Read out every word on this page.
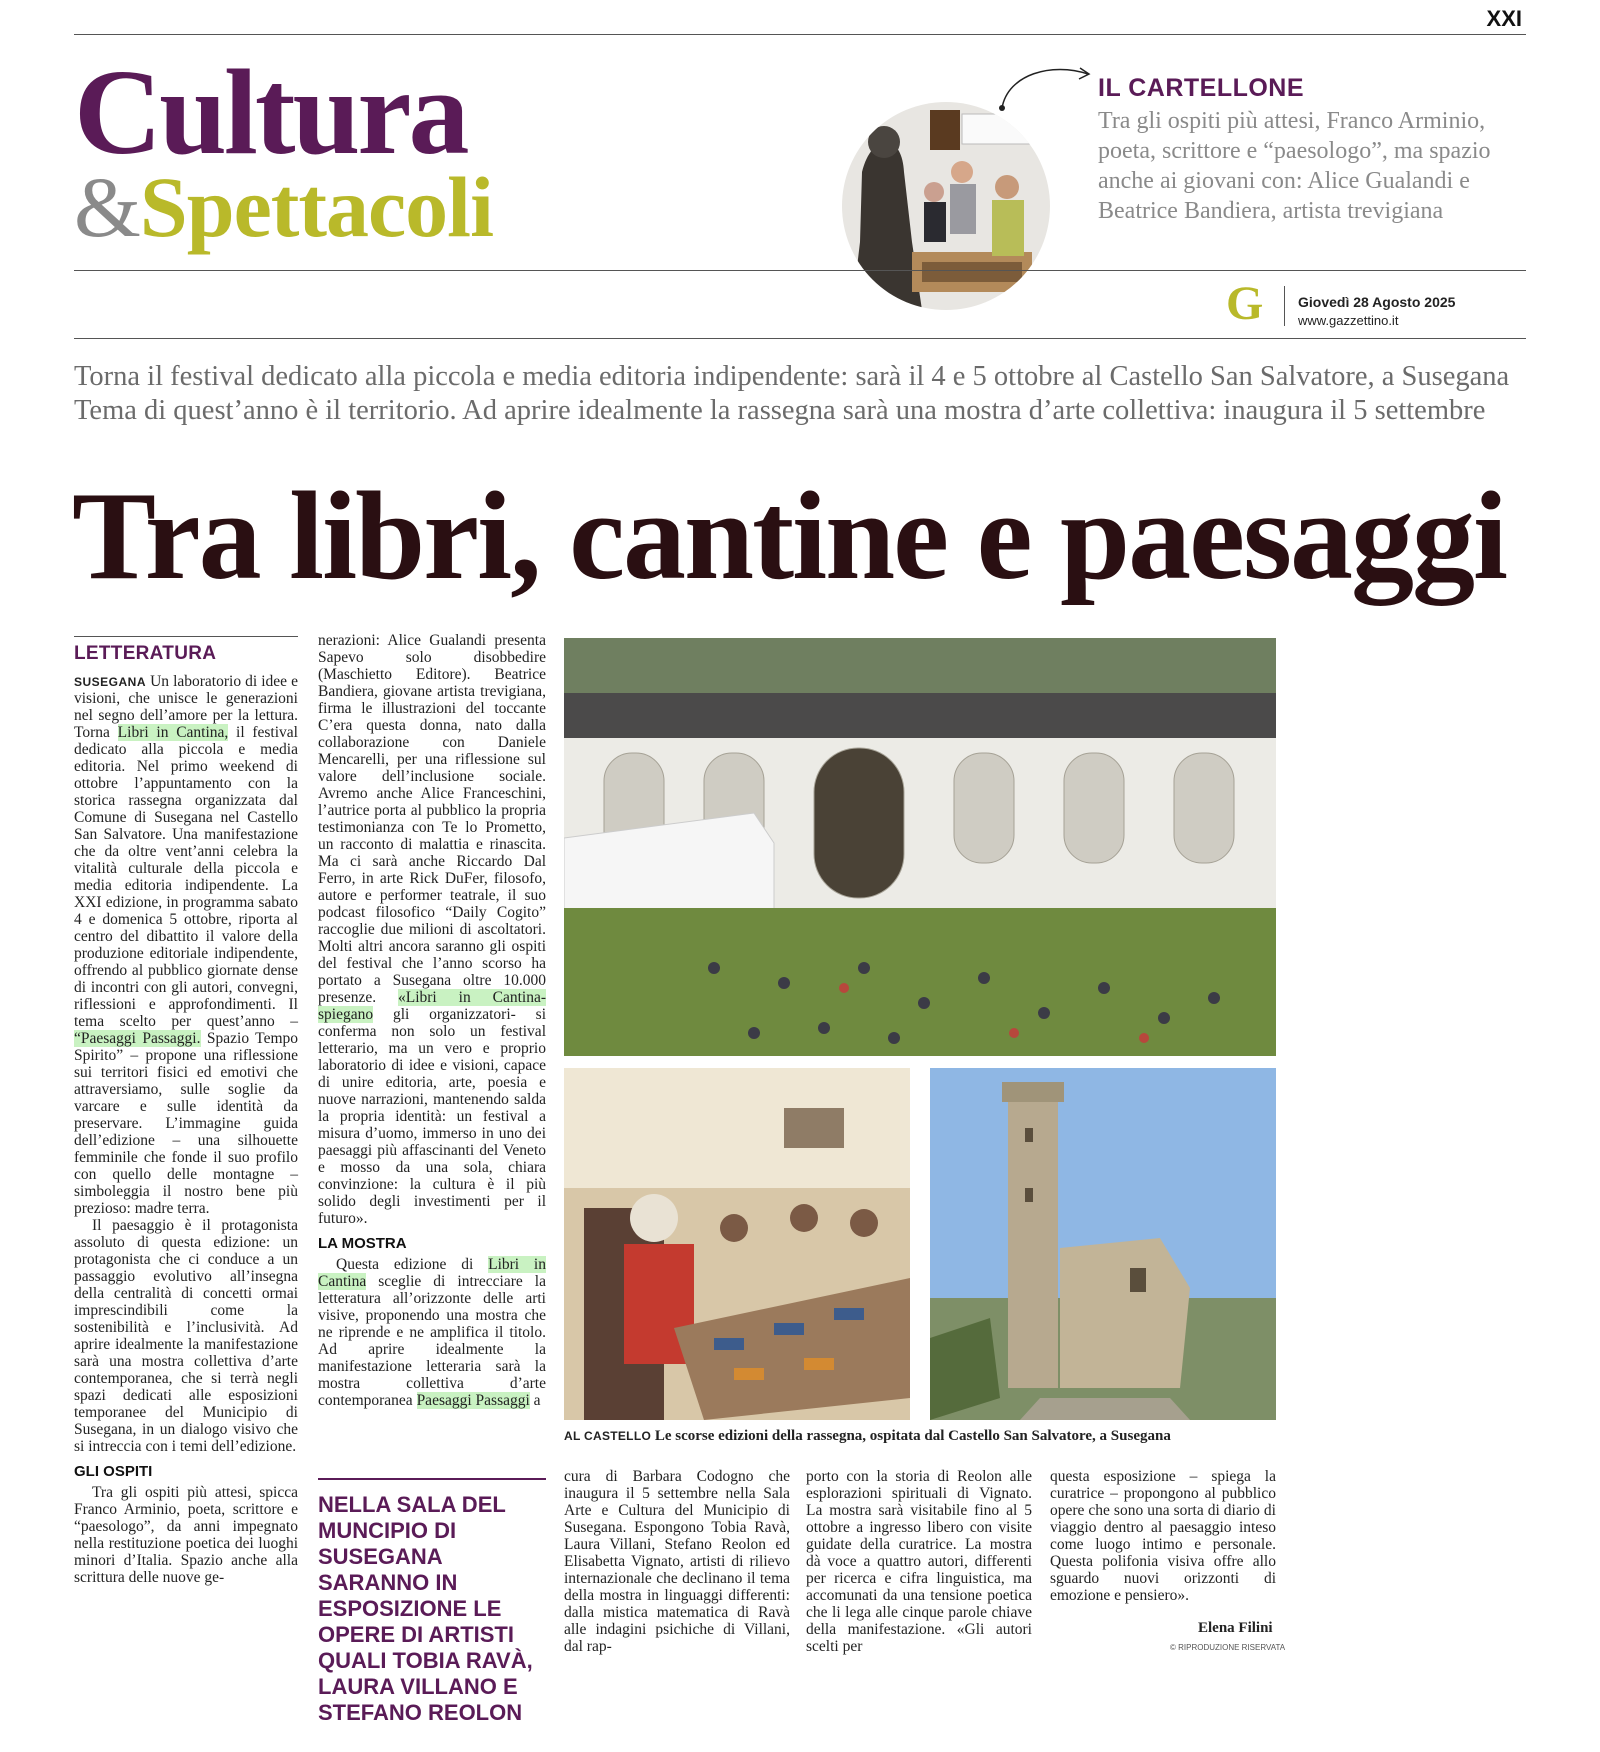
XXI
Cultura
&Spettacoli
IL CARTELLONE
Tra gli ospiti più attesi, Franco Arminio, poeta, scrittore e “paesologo”, ma spazio anche ai giovani con: Alice Gualandi e Beatrice Bandiera, artista trevigiana
G Giovedì 28 Agosto 2025
www.gazzettino.it
Torna il festival dedicato alla piccola e media editoria indipendente: sarà il 4 e 5 ottobre al Castello San Salvatore, a Susegana
Tema di quest’anno è il territorio. Ad aprire idealmente la rassegna sarà una mostra d’arte collettiva: inaugura il 5 settembre
Tra libri, cantine e paesaggi
LETTERATURA

SUSEGANA Un laboratorio di idee e visioni, che unisce le generazioni nel segno dell’amore per la lettura. Torna Libri in Cantina, il festival dedicato alla piccola e media editoria. Nel primo weekend di ottobre l’appuntamento con la storica rassegna organizzata dal Comune di Susegana nel Castello San Salvatore. Una manifestazione che da oltre vent’anni celebra la vitalità culturale della piccola e media editoria indipendente. La XXI edizione, in programma sabato 4 e domenica 5 ottobre, riporta al centro del dibattito il valore della produzione editoriale indipendente, offrendo al pubblico giornate dense di incontri con gli autori, convegni, riflessioni e approfondimenti. Il tema scelto per quest’anno – “Paesaggi Passaggi. Spazio Tempo Spirito” – propone una riflessione sui territori fisici ed emotivi che attraversiamo, sulle soglie da varcare e sulle identità da preservare. L’immagine guida dell’edizione – una silhouette femminile che fonde il suo profilo con quello delle montagne – simboleggia il nostro bene più prezioso: madre terra.

Il paesaggio è il protagonista assoluto di questa edizione: un protagonista che ci conduce a un passaggio evolutivo all’insegna della centralità di concetti ormai imprescindibili come la sostenibilità e l’inclusività. Ad aprire idealmente la manifestazione sarà una mostra collettiva d’arte contemporanea, che si terrà negli spazi dedicati alle esposizioni temporanee del Municipio di Susegana, in un dialogo visivo che si intreccia con i temi dell’edizione.

GLI OSPITI

Tra gli ospiti più attesi, spicca Franco Arminio, poeta, scrittore e “paesologo”, da anni impegnato nella restituzione poetica dei luoghi minori d’Italia. Spazio anche alla scrittura delle nuove ge-

nerazioni: Alice Gualandi presenta Sapevo solo disobbedire (Maschietto Editore). Beatrice Bandiera, giovane artista trevigiana, firma le illustrazioni del toccante C’era questa donna, nato dalla collaborazione con Daniele Mencarelli, per una riflessione sul valore dell’inclusione sociale. Avremo anche Alice Franceschini, l’autrice porta al pubblico la propria testimonianza con Te lo Prometto, un racconto di malattia e rinascita. Ma ci sarà anche Riccardo Dal Ferro, in arte Rick DuFer, filosofo, autore e performer teatrale, il suo podcast filosofico “Daily Cogito” raccoglie due milioni di ascoltatori. Molti altri ancora saranno gli ospiti del festival che l’anno scorso ha portato a Susegana oltre 10.000 presenze. «Libri in Cantina-spiegano gli organizzatori- si conferma non solo un festival letterario, ma un vero e proprio laboratorio di idee e visioni, capace di unire editoria, arte, poesia e nuove narrazioni, mantenendo salda la propria identità: un festival a misura d’uomo, immerso in uno dei paesaggi più affascinanti del Veneto e mosso da una sola, chiara convinzione: la cultura è il più solido degli investimenti per il futuro».

LA MOSTRA

Questa edizione di Libri in Cantina sceglie di intrecciare la letteratura all’orizzonte delle arti visive, proponendo una mostra che ne riprende e ne amplifica il titolo. Ad aprire idealmente la manifestazione letteraria sarà la mostra collettiva d’arte contemporanea Paesaggi Passaggi a

NELLA SALA DEL MUNCIPIO DI SUSEGANA SARANNO IN ESPOSIZIONE LE OPERE DI ARTISTI QUALI TOBIA RAVÀ, LAURA VILLANO E STEFANO REOLON
AL CASTELLO Le scorse edizioni della rassegna, ospitata dal Castello San Salvatore, a Susegana

cura di Barbara Codogno che inaugura il 5 settembre nella Sala Arte e Cultura del Municipio di Susegana. Espongono Tobia Ravà, Laura Villani, Stefano Reolon ed Elisabetta Vignato, artisti di rilievo internazionale che declinano il tema della mostra in linguaggi differenti: dalla mistica matematica di Ravà alle indagini psichiche di Villani, dal rap-

porto con la storia di Reolon alle esplorazioni spirituali di Vignato. La mostra sarà visitabile fino al 5 ottobre a ingresso libero con visite guidate della curatrice. La mostra dà voce a quattro autori, differenti per ricerca e cifra linguistica, ma accomunati da una tensione poetica che li lega alle cinque parole chiave della manifestazione. «Gli autori scelti per

questa esposizione – spiega la curatrice – propongono al pubblico opere che sono una sorta di diario di viaggio dentro al paesaggio inteso come luogo intimo e personale. Questa polifonia visiva offre allo sguardo nuovi orizzonti di emozione e pensiero».

Elena Filini
© RIPRODUZIONE RISERVATA
